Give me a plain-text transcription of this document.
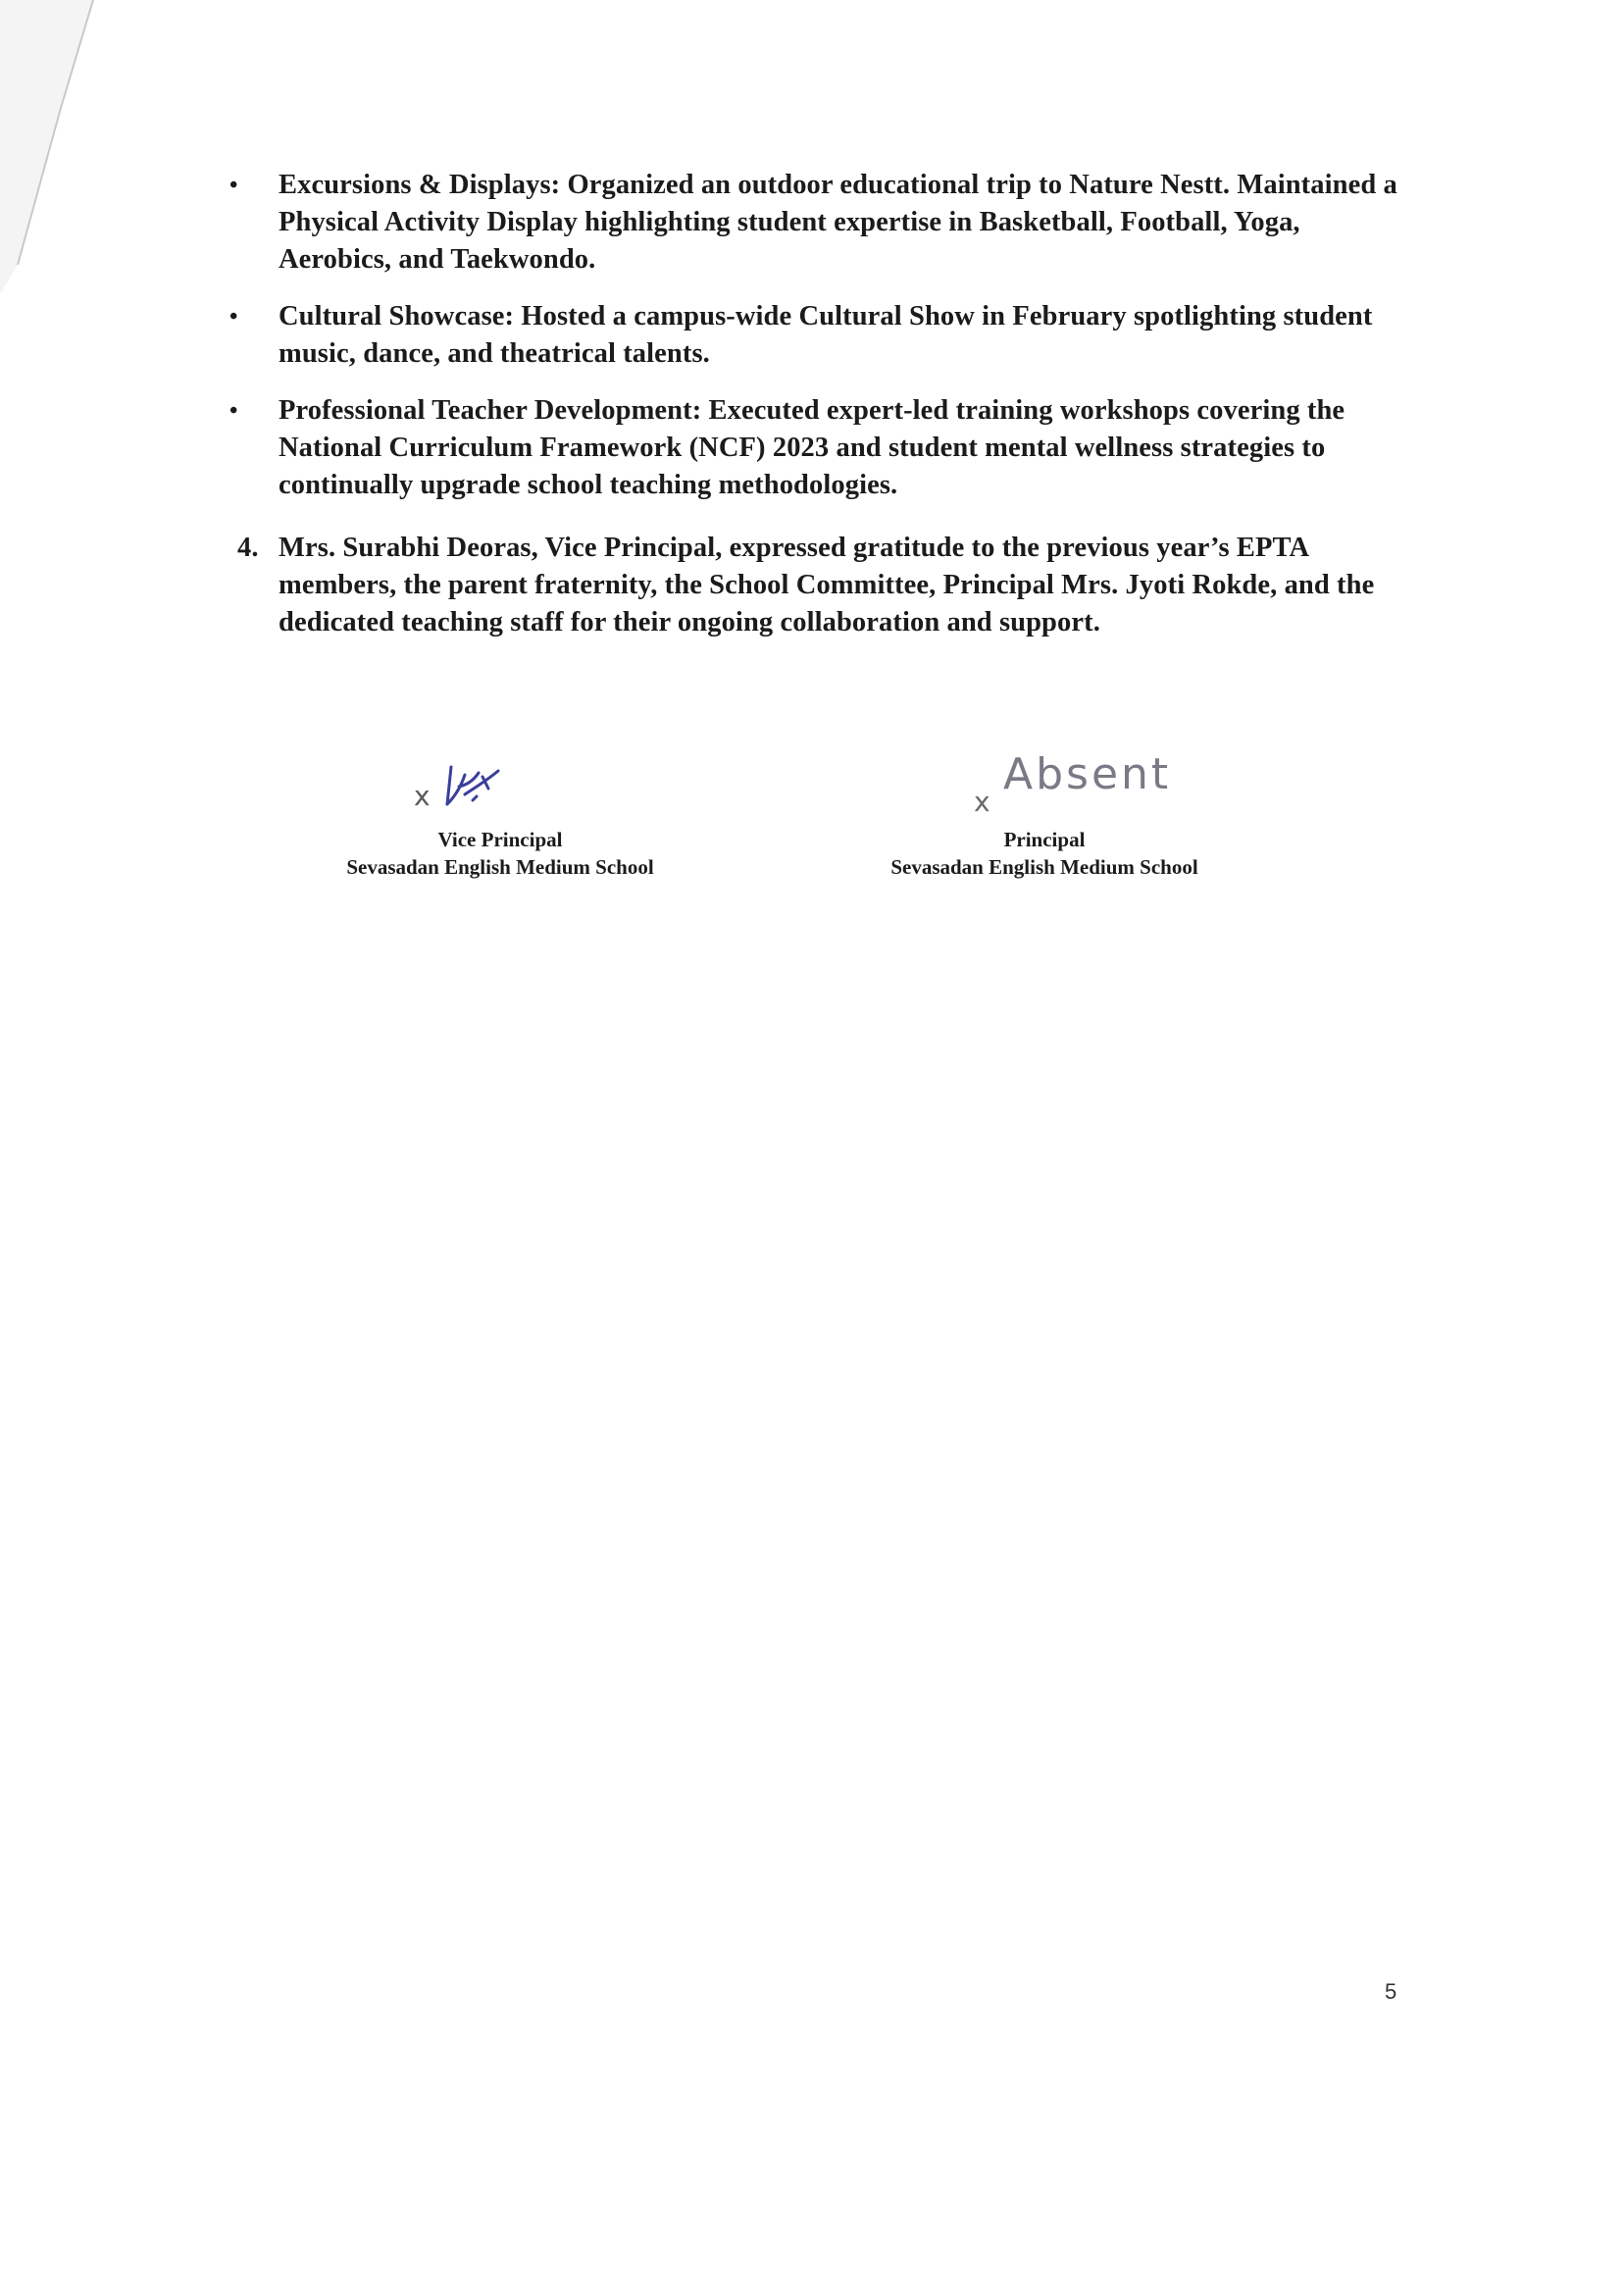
• Excursions & Displays: Organized an outdoor educational trip to Nature Nestt. Maintained a Physical Activity Display highlighting student expertise in Basketball, Football, Yoga, Aerobics, and Taekwondo.
• Cultural Showcase: Hosted a campus-wide Cultural Show in February spotlighting student music, dance, and theatrical talents.
• Professional Teacher Development: Executed expert-led training workshops covering the National Curriculum Framework (NCF) 2023 and student mental wellness strategies to continually upgrade school teaching methodologies.
4. Mrs. Surabhi Deoras, Vice Principal, expressed gratitude to the previous year’s EPTA members, the parent fraternity, the School Committee, Principal Mrs. Jyoti Rokde, and the dedicated teaching staff for their ongoing collaboration and support.
x
Vice Principal
Sevasadan English Medium School
x
Absent
Principal
Sevasadan English Medium School
5
